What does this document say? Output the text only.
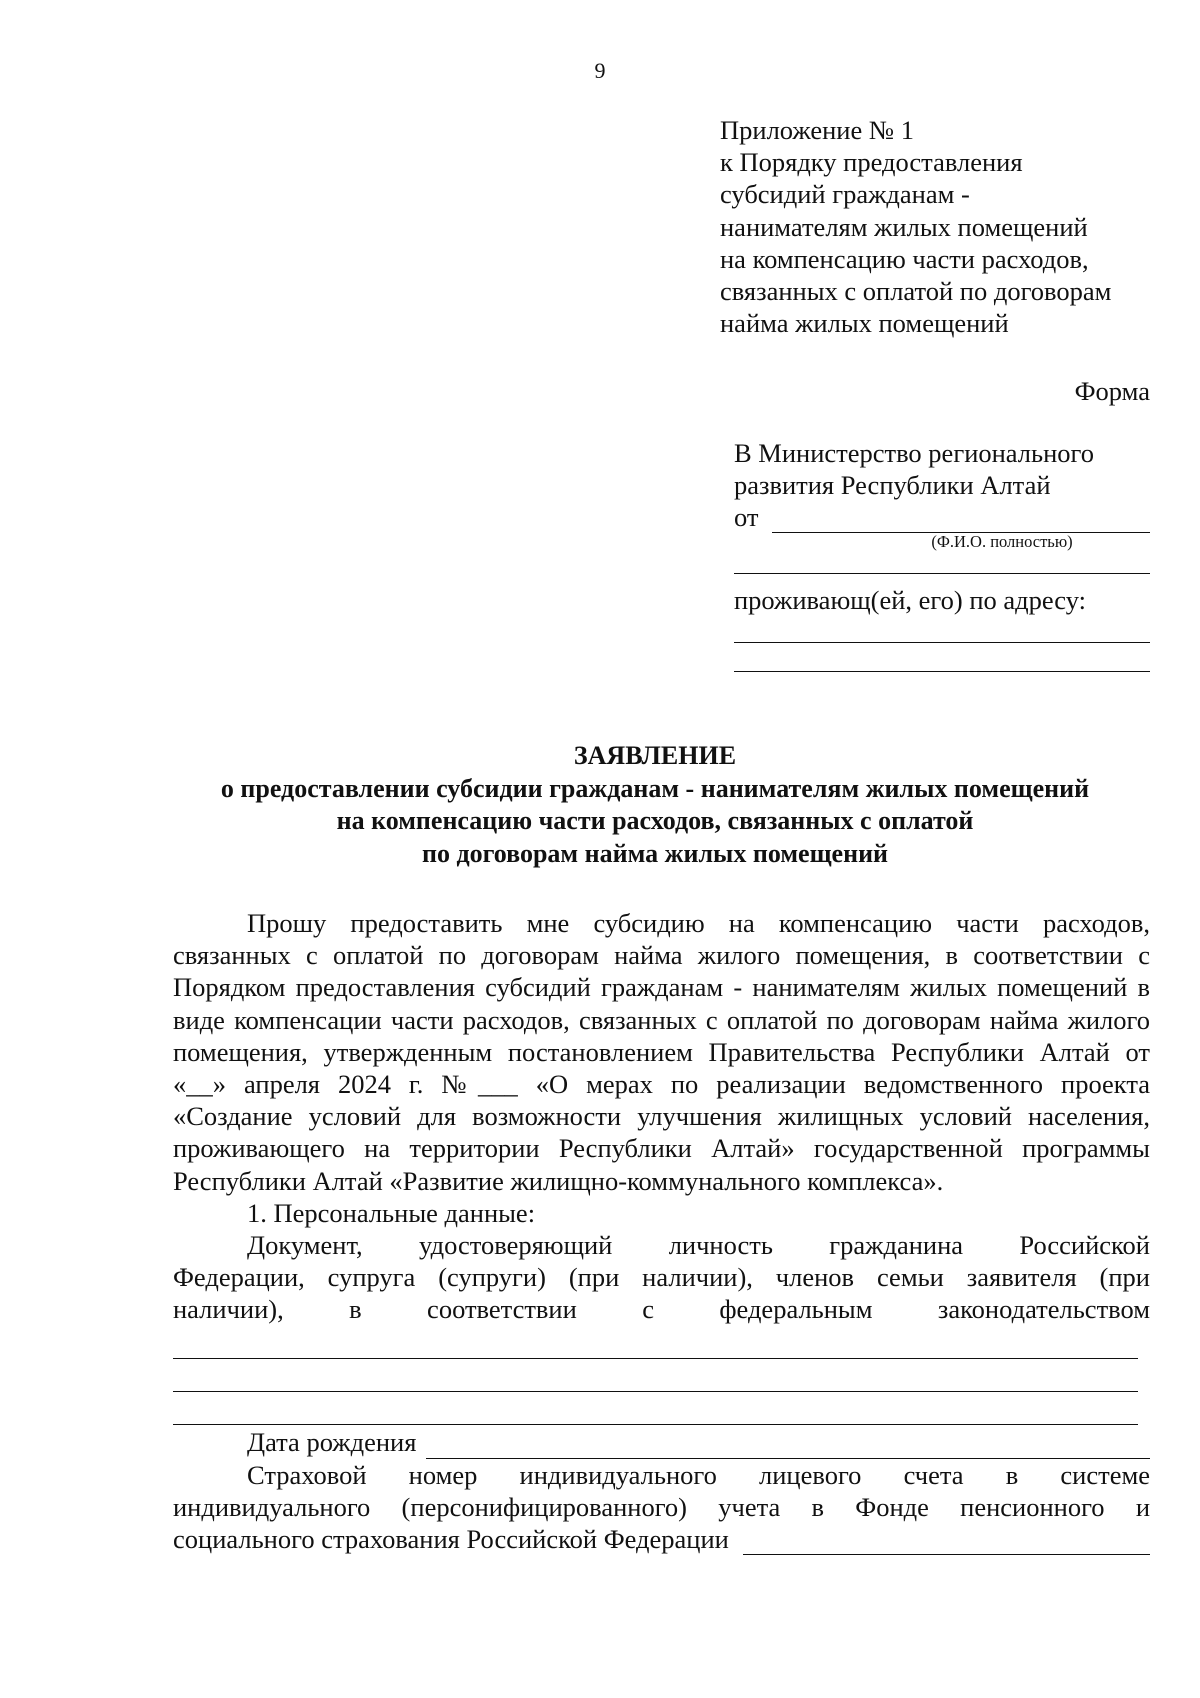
9
Приложение № 1
к Порядку предоставления
субсидий гражданам -
нанимателям жилых помещений
на компенсацию части расходов,
связанных с оплатой по договорам
найма жилых помещений
Форма
В Министерство регионального
развития Республики Алтай
от
(Ф.И.О. полностью)
проживающ(ей, его) по адресу:
ЗАЯВЛЕНИЕ
о предоставлении субсидии гражданам - нанимателям жилых помещений
на компенсацию части расходов, связанных с оплатой
по договорам найма жилых помещений

Прошу предоставить мне субсидию на компенсацию части расходов, связанных с оплатой по договорам найма жилого помещения, в соответствии с Порядком предоставления субсидий гражданам - нанимателям жилых помещений в виде компенсации части расходов, связанных с оплатой по договорам найма жилого помещения, утвержденным постановлением Правительства Республики Алтай от «__» апреля 2024 г. №___ «О мерах по реализации ведомственного проекта «Создание условий для возможности улучшения жилищных условий населения, проживающего на территории Республики Алтай» государственной программы Республики Алтай «Развитие жилищно-коммунального комплекса».

1. Персональные данные:

Документ, удостоверяющий личность гражданина Российской

Федерации, супруга (супруги) (при наличии), членов семьи заявителя (при

наличии), в соответствии с федеральным законодательством

Дата рождения

Страховой номер индивидуального лицевого счета в системе

индивидуального (персонифицированного) учета в Фонде пенсионного и

социального страхования Российской Федерации
